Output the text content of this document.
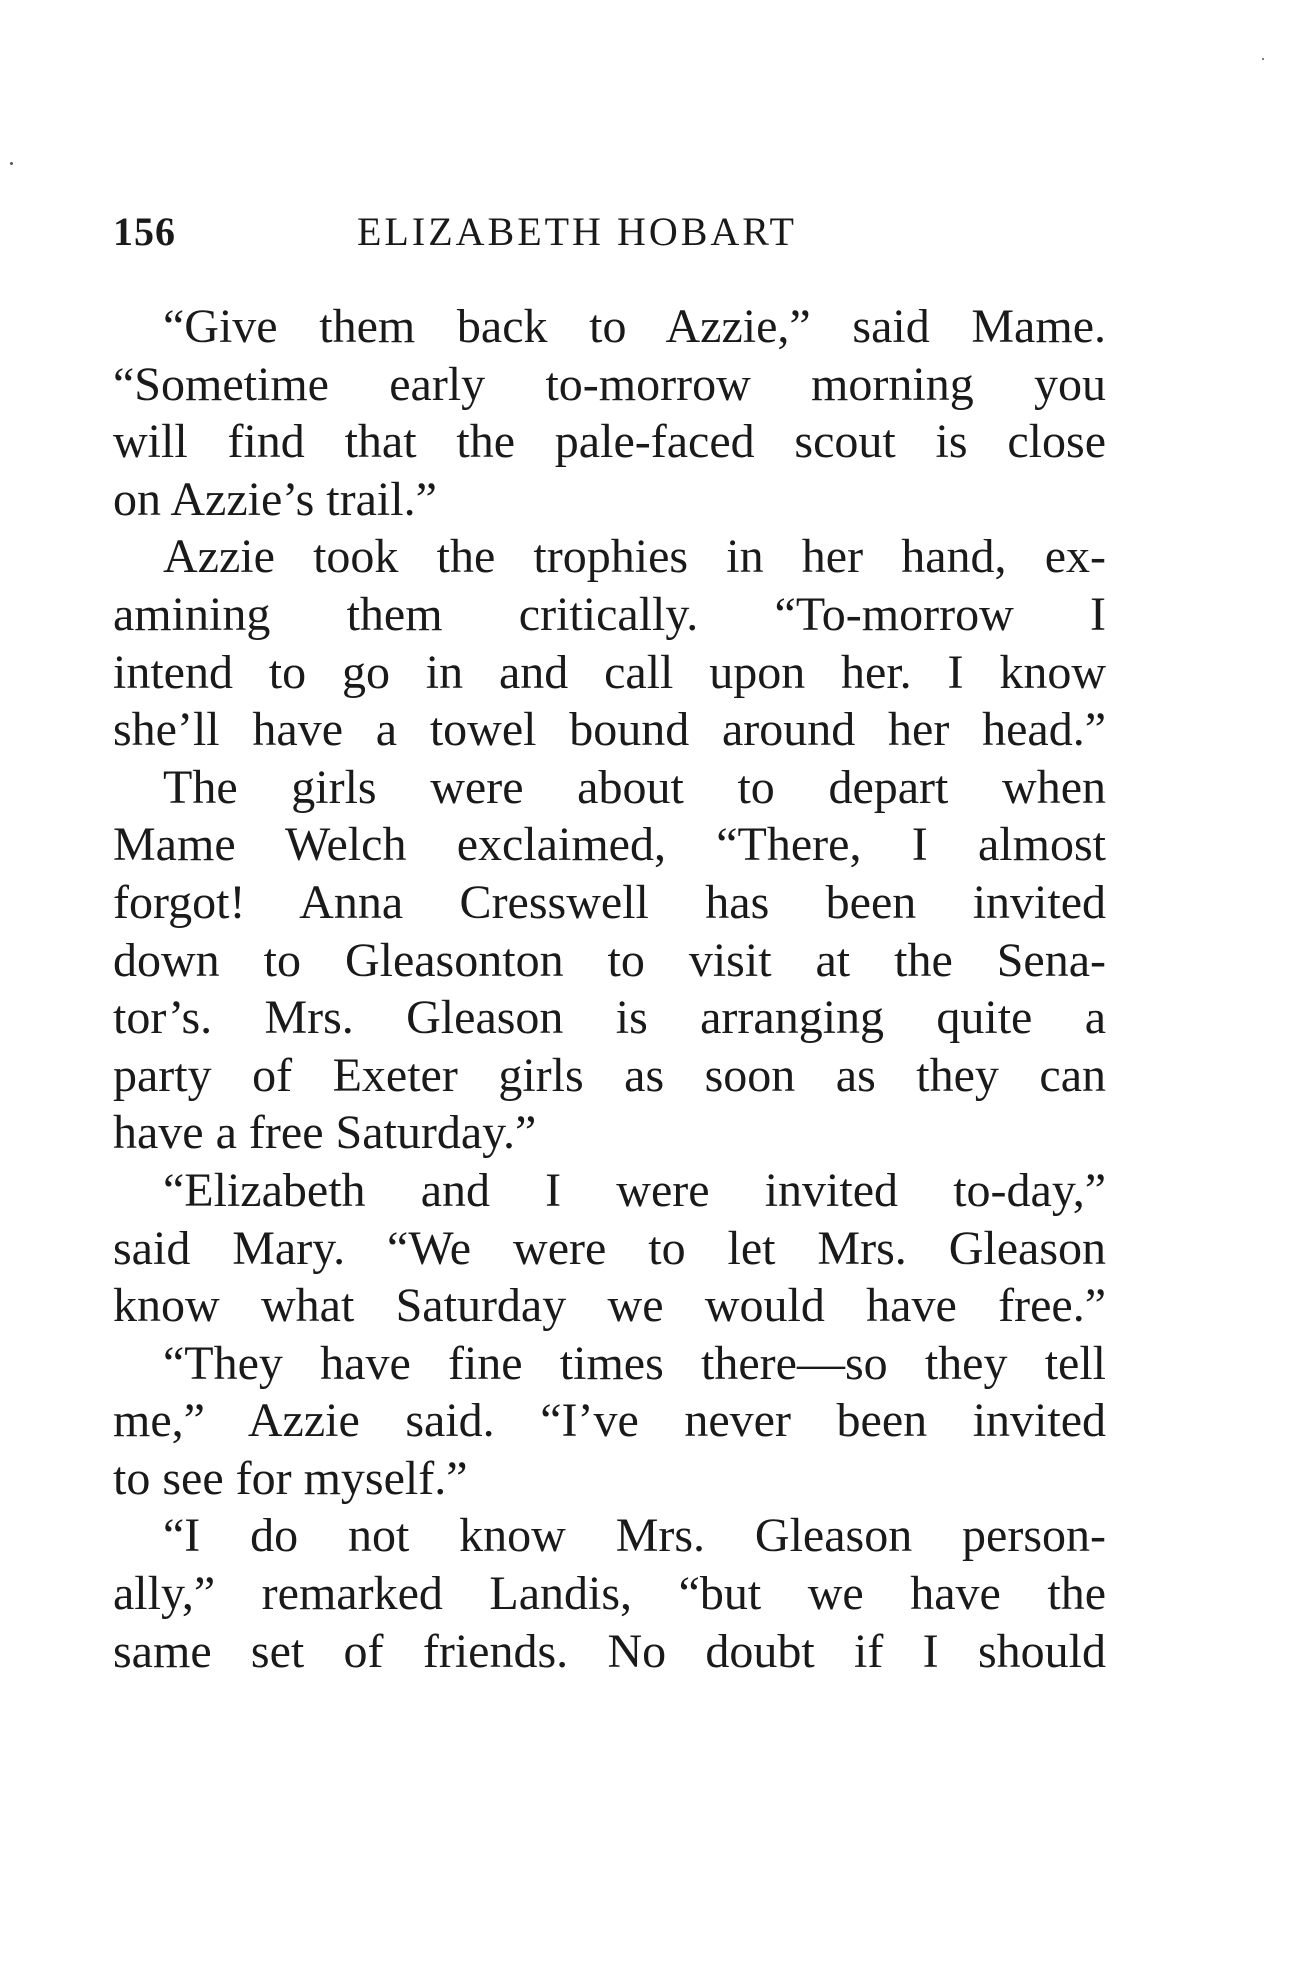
156	ELIZABETH HOBART
“Give them back to Azzie,” said Mame.
“Sometime early to-morrow morning you
will find that the pale-faced scout is close
on Azzie’s trail.”
Azzie took the trophies in her hand, ex-
amining them critically. “To-morrow I
intend to go in and call upon her. I know
she’ll have a towel bound around her head.”
The girls were about to depart when
Mame Welch exclaimed, “There, I almost
forgot! Anna Cresswell has been invited
down to Gleasonton to visit at the Sena-
tor’s. Mrs. Gleason is arranging quite a
party of Exeter girls as soon as they can
have a free Saturday.”
“Elizabeth and I were invited to-day,”
said Mary. “We were to let Mrs. Gleason
know what Saturday we would have free.”
“They have fine times there—so they tell
me,” Azzie said. “I’ve never been invited
to see for myself.”
“I do not know Mrs. Gleason person-
ally,” remarked Landis, “but we have the
same set of friends. No doubt if I should
